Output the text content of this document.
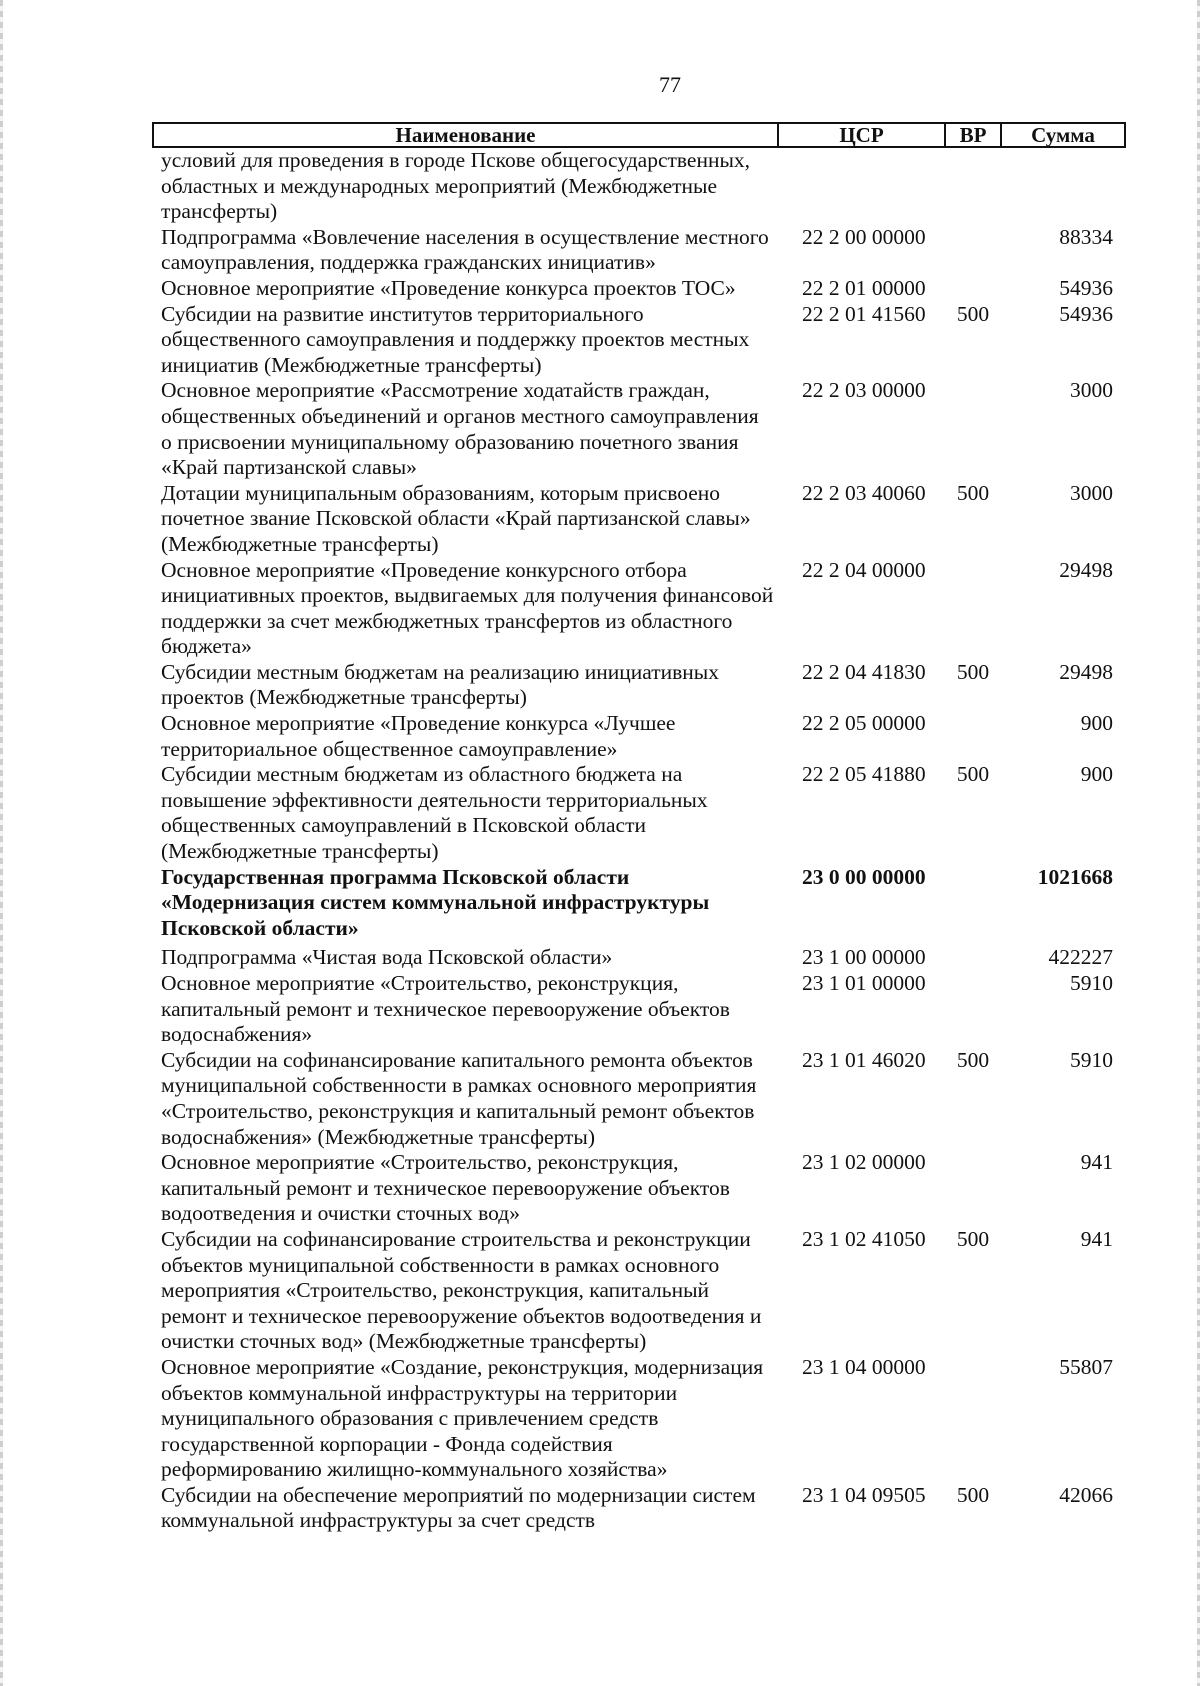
77
Наименование	ЦСР	ВР	Сумма
условий для проведения в городе Пскове общегосударственных, областных и международных мероприятий (Межбюджетные трансферты)			
Подпрограмма «Вовлечение населения в осуществление местного самоуправления, поддержка гражданских инициатив»	22 2 00 00000		88334
Основное мероприятие «Проведение конкурса проектов ТОС»	22 2 01 00000		54936
Субсидии на развитие институтов территориального общественного самоуправления и поддержку проектов местных инициатив (Межбюджетные трансферты)	22 2 01 41560	500	54936
Основное мероприятие «Рассмотрение ходатайств граждан, общественных объединений и органов местного самоуправления о присвоении муниципальному образованию почетного звания «Край партизанской славы»	22 2 03 00000		3000
Дотации муниципальным образованиям, которым присвоено почетное звание Псковской области «Край партизанской славы» (Межбюджетные трансферты)	22 2 03 40060	500	3000
Основное мероприятие «Проведение конкурсного отбора инициативных проектов, выдвигаемых для получения финансовой поддержки за счет межбюджетных трансфертов из областного бюджета»	22 2 04 00000		29498
Субсидии местным бюджетам на реализацию инициативных проектов (Межбюджетные трансферты)	22 2 04 41830	500	29498
Основное мероприятие «Проведение конкурса «Лучшее территориальное общественное самоуправление»	22 2 05 00000		900
Субсидии местным бюджетам из областного бюджета на повышение эффективности деятельности территориальных общественных самоуправлений в Псковской области (Межбюджетные трансферты)	22 2 05 41880	500	900
Государственная программа Псковской области «Модернизация систем коммунальной инфраструктуры Псковской области»	23 0 00 00000		1021668
Подпрограмма «Чистая вода Псковской области»	23 1 00 00000		422227
Основное мероприятие «Строительство, реконструкция, капитальный ремонт и техническое перевооружение объектов водоснабжения»	23 1 01 00000		5910
Субсидии на софинансирование капитального ремонта объектов муниципальной собственности в рамках основного мероприятия «Строительство, реконструкция и капитальный ремонт объектов водоснабжения» (Межбюджетные трансферты)	23 1 01 46020	500	5910
Основное мероприятие «Строительство, реконструкция, капитальный ремонт и техническое перевооружение объектов водоотведения и очистки сточных вод»	23 1 02 00000		941
Субсидии на софинансирование строительства и реконструкции объектов муниципальной собственности в рамках основного мероприятия «Строительство, реконструкция, капитальный ремонт и техническое перевооружение объектов водоотведения и очистки сточных вод» (Межбюджетные трансферты)	23 1 02 41050	500	941
Основное мероприятие «Создание, реконструкция, модернизация объектов коммунальной инфраструктуры на территории муниципального образования с привлечением средств государственной корпорации - Фонда содействия реформированию жилищно-коммунального хозяйства»	23 1 04 00000		55807
Субсидии на обеспечение мероприятий по модернизации систем коммунальной инфраструктуры за счет средств	23 1 04 09505	500	42066
